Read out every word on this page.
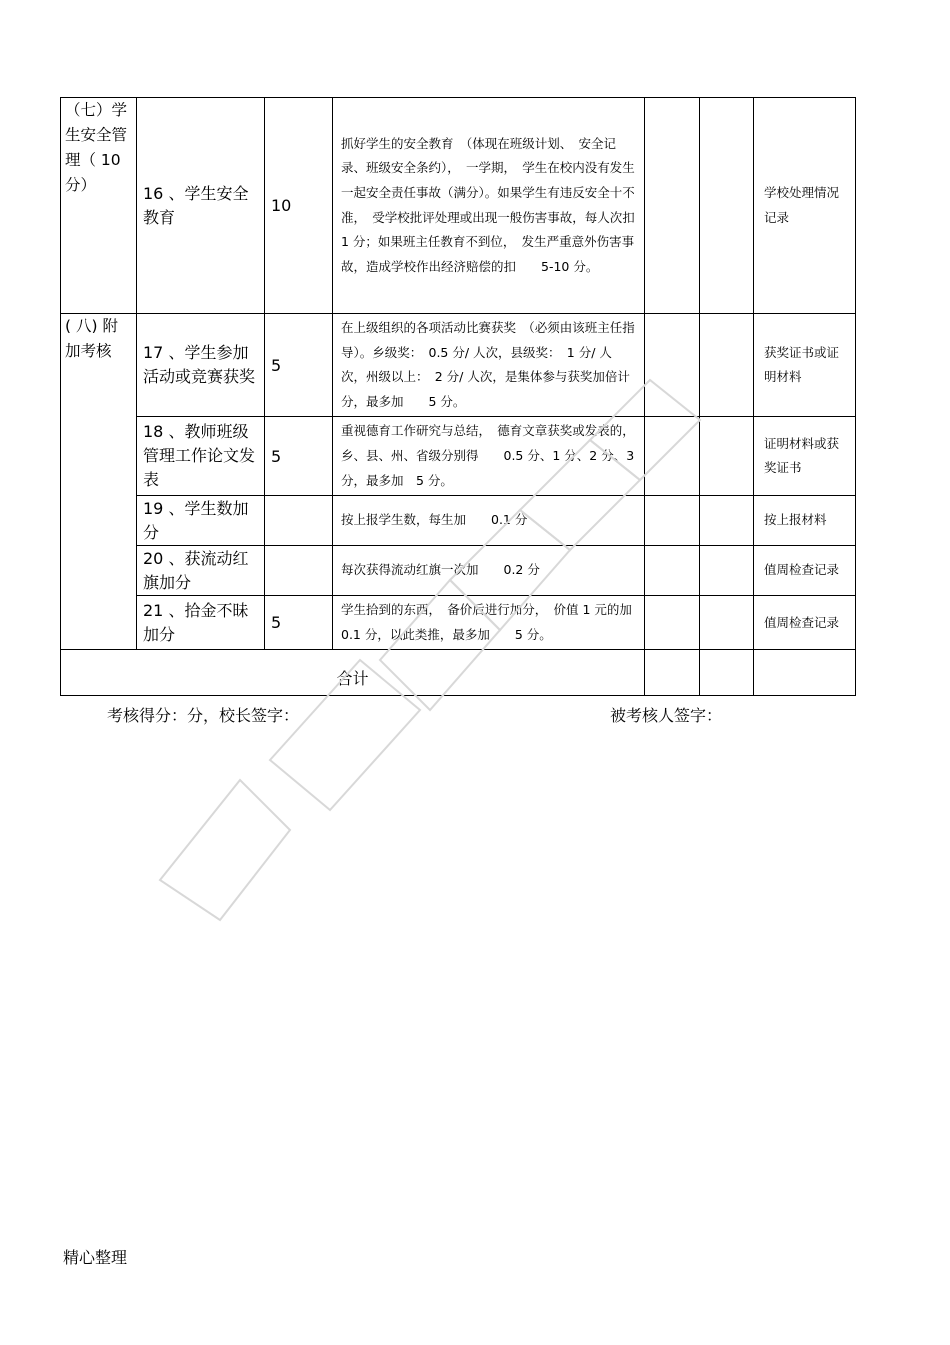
（七）学生安全管理（ 10 分）	16 、学生安全教育	10	抓好学生的安全教育　（体现在班级计划、　安全记录、班级安全条约），　一学期，　学生在校内没有发生一起安全责任事故（满分）。如果学生有违反安全十不准，　受学校批评处理或出现一般伤害事故，每人次扣　　1 分；如果班主任教育不到位，　发生严重意外伤害事故，造成学校作出经济赔偿的扣　　5-10 分。			学校处理情况记录

( 八) 附加考核	17 、学生参加活动或竞赛获奖	5	在上级组织的各项活动比赛获奖　（必须由该班主任指导）。乡级奖：　0.5 分/ 人次，县级奖：　1 分/ 人次，州级以上：　2 分/ 人次，是集体参与获奖加倍计分，最多加　　5 分。			获奖证书或证明材料
	18 、教师班级管理工作论文发表	5	重视德育工作研究与总结，　德育文章获奖或发表的，乡、县、州、省级分别得　　0.5 分、1 分、2 分、3 分，最多加　5 分。			证明材料或获奖证书
	19 、学生数加分		按上报学生数，每生加　　0.1 分			按上报材料
	20 、获流动红旗加分		每次获得流动红旗一次加　　0.2 分			值周检查记录
	21 、拾金不昧加分	5	学生拾到的东西，　备价后进行加分，　价值 1 元的加 0.1 分，以此类推，最多加　　5 分。			值周检查记录
合计						
考核得分：分，校长签字：	被考核人签字：
精心整理
